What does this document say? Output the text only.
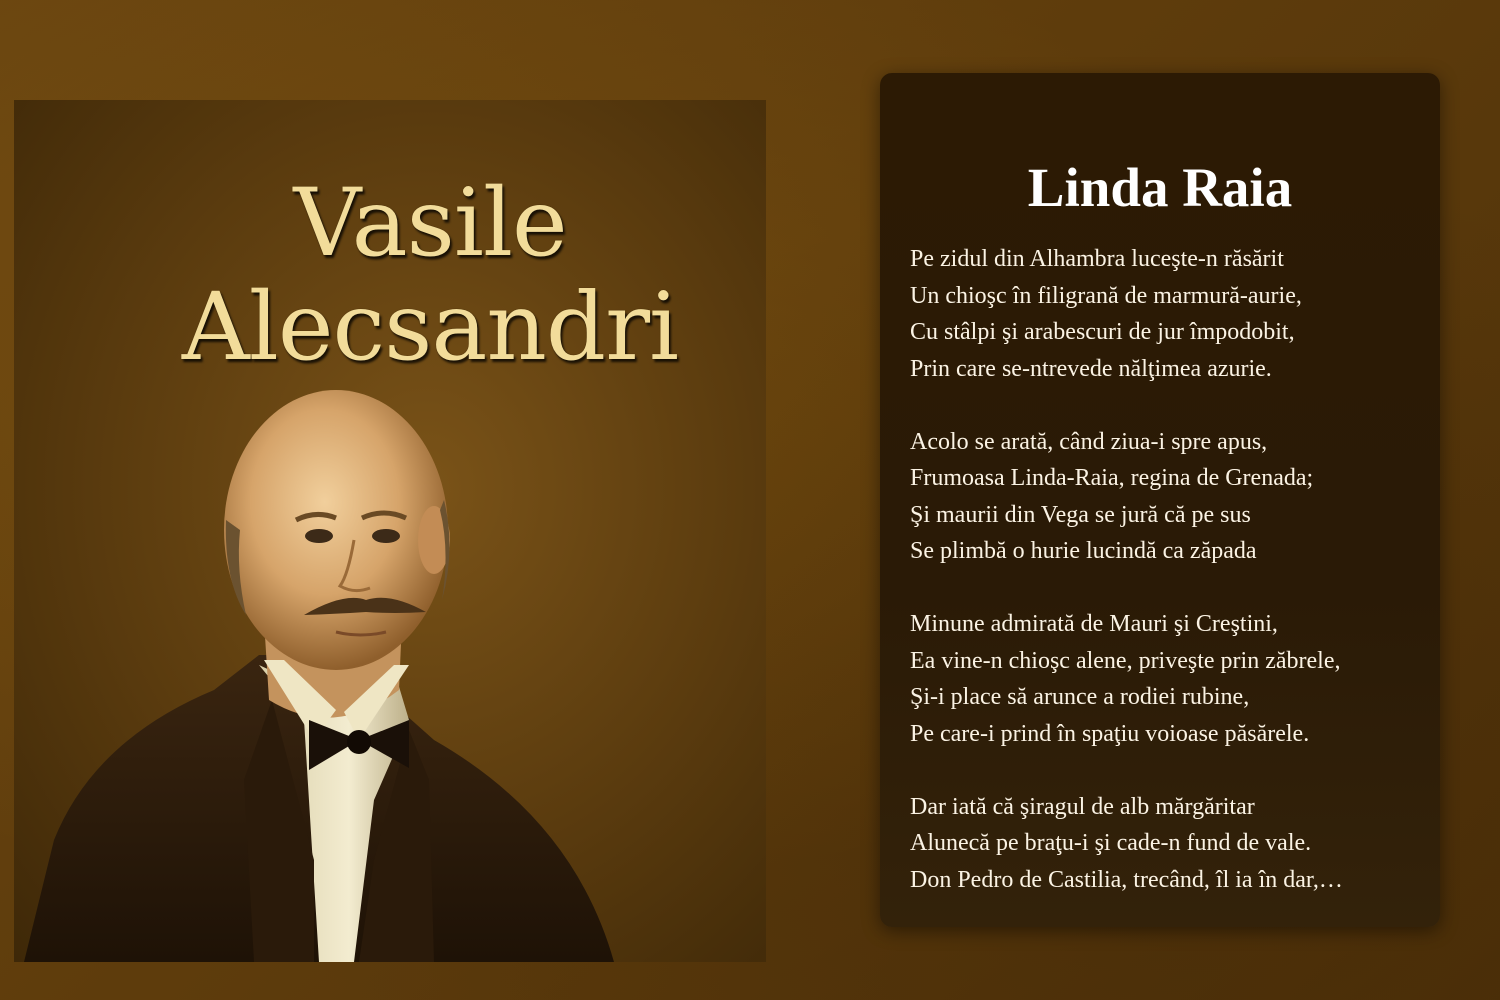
Vasile
Alecsandri
Linda Raia
Pe zidul din Alhambra luceşte-n răsărit
Un chioşc în filigrană de marmură-aurie,
Cu stâlpi şi arabescuri de jur împodobit,
Prin care se-ntrevede nălţimea azurie.
Acolo se arată, când ziua-i spre apus,
Frumoasa Linda-Raia, regina de Grenada;
Şi maurii din Vega se jură că pe sus
Se plimbă o hurie lucindă ca zăpada
Minune admirată de Mauri şi Creştini,
Ea vine-n chioşc alene, priveşte prin zăbrele,
Şi-i place să arunce a rodiei rubine,
Pe care-i prind în spaţiu voioase păsărele.
Dar iată că şiragul de alb mărgăritar
Alunecă pe braţu-i şi cade-n fund de vale.
Don Pedro de Castilia, trecând, îl ia în dar,…
